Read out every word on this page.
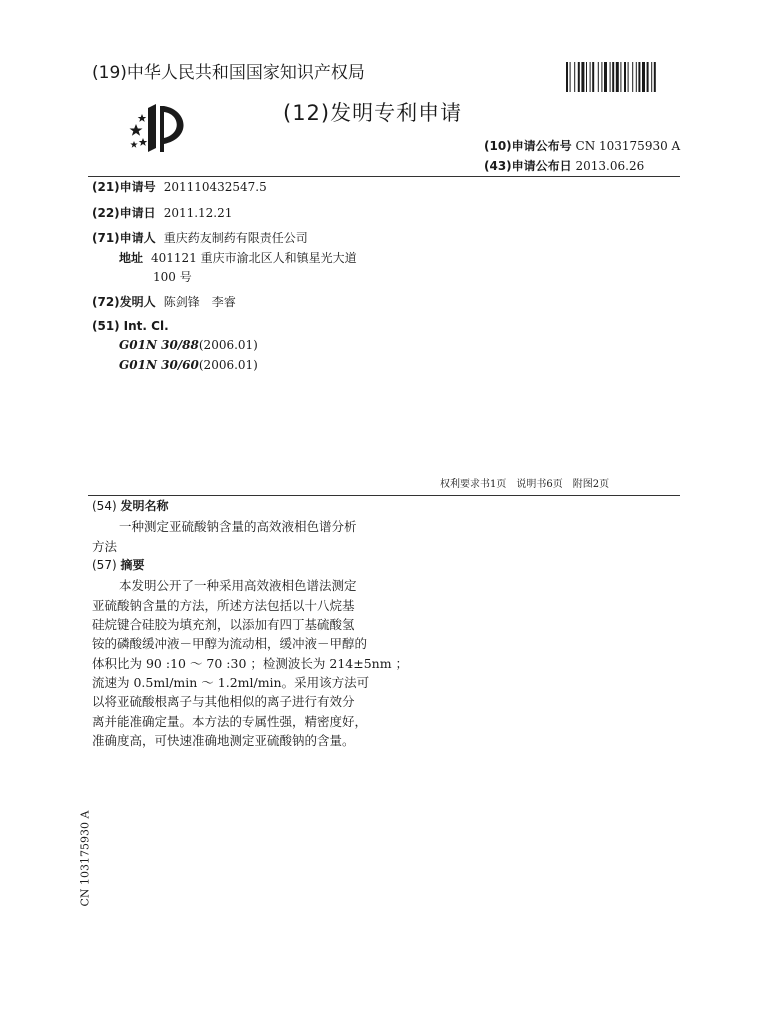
(19)中华人民共和国国家知识产权局
(12)发明专利申请
(10)申请公布号 CN 103175930 A
(43)申请公布日 2013.06.26
(21)申请号 201110432547.5
(22)申请日 2011.12.21
(71)申请人 重庆药友制药有限责任公司
地址 401121 重庆市渝北区人和镇星光大道
100 号
(72)发明人 陈剑锋　李睿
(51) Int. Cl.
G01N 30/88(2006.01)
G01N 30/60(2006.01)
权利要求书1页　说明书6页　附图2页
(54) 发明名称
一种测定亚硫酸钠含量的高效液相色谱分析
方法
(57) 摘要
本发明公开了一种采用高效液相色谱法测定
亚硫酸钠含量的方法，所述方法包括以十八烷基
硅烷键合硅胶为填充剂，以添加有四丁基硫酸氢
铵的磷酸缓冲液－甲醇为流动相，缓冲液－甲醇的
体积比为 90 :10 ～ 70 :30 ；检测波长为 214±5nm ；
流速为 0.5ml/min ～ 1.2ml/min。采用该方法可
以将亚硫酸根离子与其他相似的离子进行有效分
离并能准确定量。本方法的专属性强，精密度好，
准确度高，可快速准确地测定亚硫酸钠的含量。
CN 103175930 A
